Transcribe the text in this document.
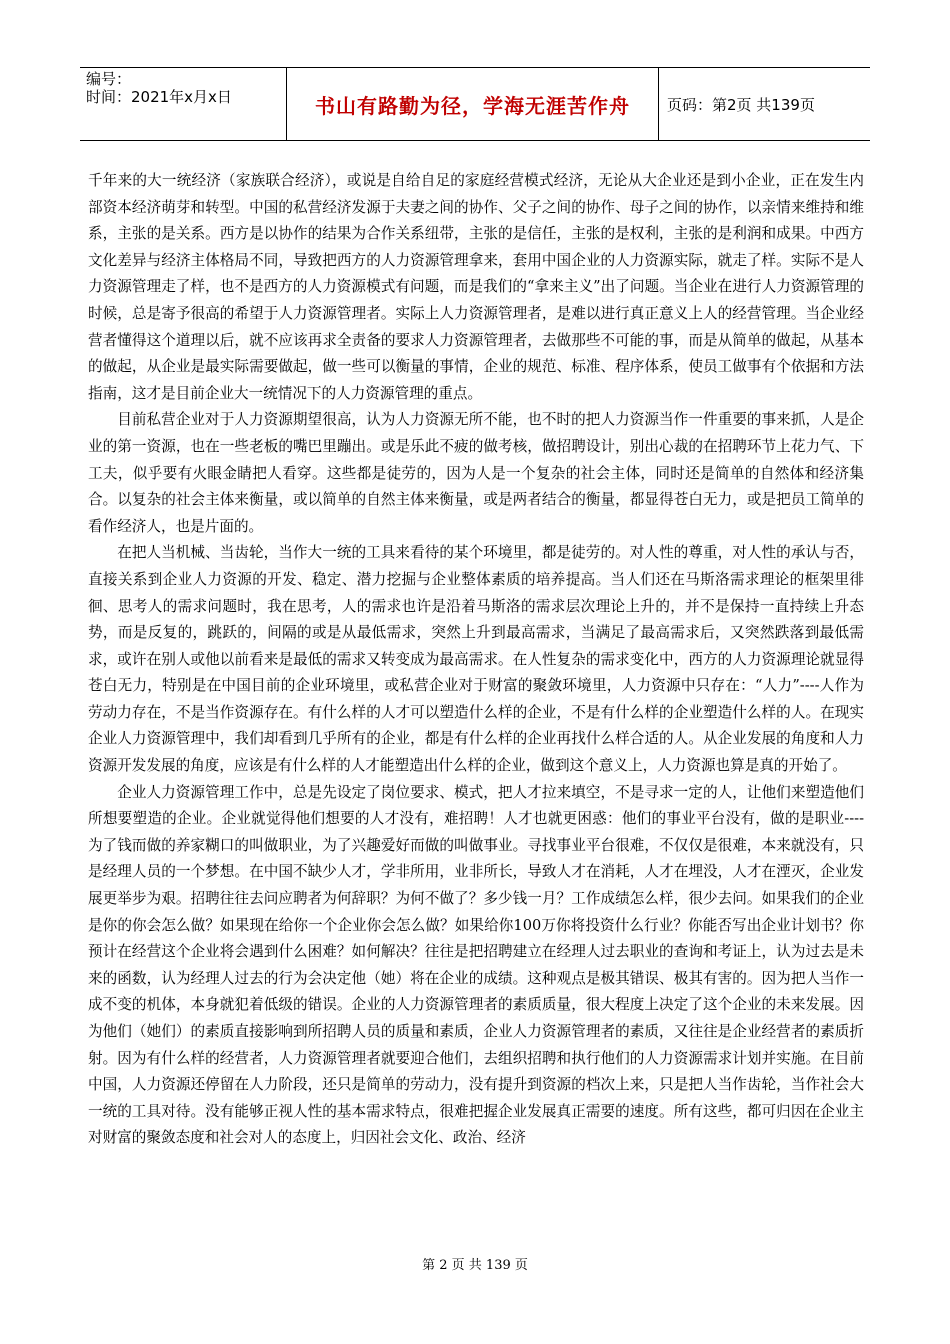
编号：
时间：2021年x月x日	书山有路勤为径，学海无涯苦作舟	页码：第2页 共139页

千年来的大一统经济（家族联合经济），或说是自给自足的家庭经营模式经济，无论从大企业还是到小企业，正在发生内部资本经济萌芽和转型。中国的私营经济发源于夫妻之间的协作、父子之间的协作、母子之间的协作，以亲情来维持和维系，主张的是关系。西方是以协作的结果为合作关系纽带，主张的是信任，主张的是权利，主张的是利润和成果。中西方文化差异与经济主体格局不同，导致把西方的人力资源管理拿来，套用中国企业的人力资源实际，就走了样。实际不是人力资源管理走了样，也不是西方的人力资源模式有问题，而是我们的“拿来主义”出了问题。当企业在进行人力资源管理的时候，总是寄予很高的希望于人力资源管理者。实际上人力资源管理者，是难以进行真正意义上人的经营管理。当企业经营者懂得这个道理以后，就不应该再求全责备的要求人力资源管理者，去做那些不可能的事，而是从简单的做起，从基本的做起，从企业是最实际需要做起，做一些可以衡量的事情，企业的规范、标准、程序体系，使员工做事有个依据和方法指南，这才是目前企业大一统情况下的人力资源管理的重点。

目前私营企业对于人力资源期望很高，认为人力资源无所不能，也不时的把人力资源当作一件重要的事来抓，人是企业的第一资源，也在一些老板的嘴巴里蹦出。或是乐此不疲的做考核，做招聘设计，别出心裁的在招聘环节上花力气、下工夫，似乎要有火眼金睛把人看穿。这些都是徒劳的，因为人是一个复杂的社会主体，同时还是简单的自然体和经济集合。以复杂的社会主体来衡量，或以简单的自然主体来衡量，或是两者结合的衡量，都显得苍白无力，或是把员工简单的看作经济人，也是片面的。

在把人当机械、当齿轮，当作大一统的工具来看待的某个环境里，都是徒劳的。对人性的尊重，对人性的承认与否，直接关系到企业人力资源的开发、稳定、潜力挖掘与企业整体素质的培养提高。当人们还在马斯洛需求理论的框架里徘徊、思考人的需求问题时，我在思考，人的需求也许是沿着马斯洛的需求层次理论上升的，并不是保持一直持续上升态势，而是反复的，跳跃的，间隔的或是从最低需求，突然上升到最高需求，当满足了最高需求后，又突然跌落到最低需求，或许在别人或他以前看来是最低的需求又转变成为最高需求。在人性复杂的需求变化中，西方的人力资源理论就显得苍白无力，特别是在中国目前的企业环境里，或私营企业对于财富的聚敛环境里，人力资源中只存在：“人力”----人作为劳动力存在，不是当作资源存在。有什么样的人才可以塑造什么样的企业，不是有什么样的企业塑造什么样的人。在现实企业人力资源管理中，我们却看到几乎所有的企业，都是有什么样的企业再找什么样合适的人。从企业发展的角度和人力资源开发发展的角度，应该是有什么样的人才能塑造出什么样的企业，做到这个意义上，人力资源也算是真的开始了。

企业人力资源管理工作中，总是先设定了岗位要求、模式，把人才拉来填空，不是寻求一定的人，让他们来塑造他们所想要塑造的企业。企业就觉得他们想要的人才没有，难招聘！人才也就更困惑：他们的事业平台没有，做的是职业----为了钱而做的养家糊口的叫做职业，为了兴趣爱好而做的叫做事业。寻找事业平台很难，不仅仅是很难，本来就没有，只是经理人员的一个梦想。在中国不缺少人才，学非所用，业非所长，导致人才在消耗，人才在埋没，人才在湮灭，企业发展更举步为艰。招聘往往去问应聘者为何辞职？为何不做了？多少钱一月？工作成绩怎么样，很少去问。如果我们的企业是你的你会怎么做？如果现在给你一个企业你会怎么做？如果给你100万你将投资什么行业？你能否写出企业计划书？你预计在经营这个企业将会遇到什么困难？如何解决？往往是把招聘建立在经理人过去职业的查询和考证上，认为过去是未来的函数，认为经理人过去的行为会决定他（她）将在企业的成绩。这种观点是极其错误、极其有害的。因为把人当作一成不变的机体，本身就犯着低级的错误。企业的人力资源管理者的素质质量，很大程度上决定了这个企业的未来发展。因为他们（她们）的素质直接影响到所招聘人员的质量和素质，企业人力资源管理者的素质，又往往是企业经营者的素质折射。因为有什么样的经营者，人力资源管理者就要迎合他们，去组织招聘和执行他们的人力资源需求计划并实施。在目前中国，人力资源还停留在人力阶段，还只是简单的劳动力，没有提升到资源的档次上来，只是把人当作齿轮，当作社会大一统的工具对待。没有能够正视人性的基本需求特点，很难把握企业发展真正需要的速度。所有这些，都可归因在企业主对财富的聚敛态度和社会对人的态度上，归因社会文化、政治、经济

第 2 页 共 139 页
